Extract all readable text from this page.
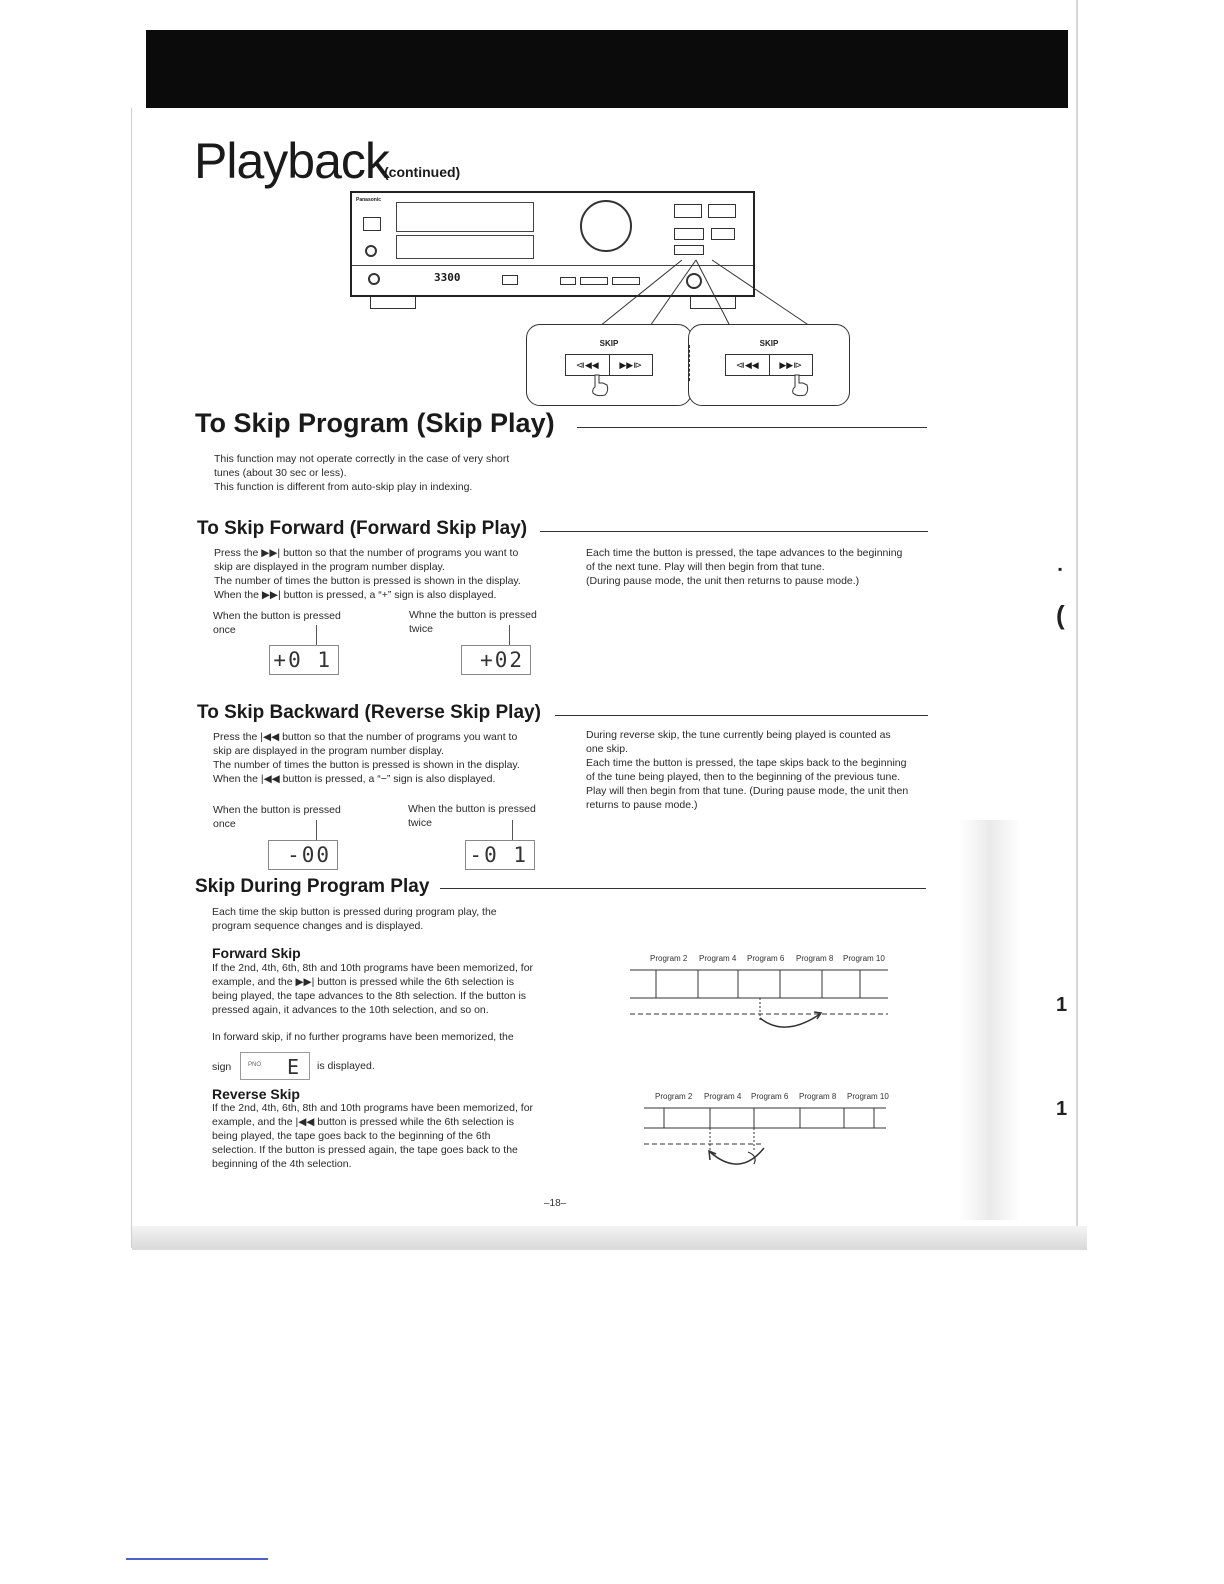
Playback
(continued)
Panasonic
3300
SKIP
⧏◀◀	▶▶⧐
SKIP
⧏◀◀	▶▶⧐
To Skip Program (Skip Play)
This function may not operate correctly in the case of very short
tunes (about 30 sec or less).
This function is different from auto-skip play in indexing.
To Skip Forward (Forward Skip Play)
Press the ▶▶| button so that the number of programs you want to
skip are displayed in the program number display.
The number of times the button is pressed is shown in the display.
When the ▶▶| button is pressed, a “+” sign is also displayed.
Each time the button is pressed, the tape advances to the beginning
of the next tune. Play will then begin from that tune.
(During pause mode, the unit then returns to pause mode.)
When the button is pressed
once
Whne the button is pressed
twice
+0 1	+02
To Skip Backward (Reverse Skip Play)
Press the |◀◀ button so that the number of programs you want to
skip are displayed in the program number display.
The number of times the button is pressed is shown in the display.
When the |◀◀ button is pressed, a “−” sign is also displayed.
During reverse skip, the tune currently being played is counted as
one skip.
Each time the button is pressed, the tape skips back to the beginning
of the tune being played, then to the beginning of the previous tune.
Play will then begin from that tune. (During pause mode, the unit then
returns to pause mode.)
When the button is pressed
once
When the button is pressed
twice
-00	-0 1
Skip During Program Play
Each time the skip button is pressed during program play, the
program sequence changes and is displayed.
Forward Skip
If the 2nd, 4th, 6th, 8th and 10th programs have been memorized, for
example, and the ▶▶| button is pressed while the 6th selection is
being played, the tape advances to the 8th selection. If the button is
pressed again, it advances to the 10th selection, and so on.
In forward skip, if no further programs have been memorized, the
sign	PNO E is displayed.
Reverse Skip
If the 2nd, 4th, 6th, 8th and 10th programs have been memorized, for
example, and the |◀◀ button is pressed while the 6th selection is
being played, the tape goes back to the beginning of the 6th
selection. If the button is pressed again, the tape goes back to the
beginning of the 4th selection.
Program 2 Program 4 Program 6 Program 8 Program 10
Program 2 Program 4 Program 6 Program 8 Program 10
–18–
▪
(
1
1
